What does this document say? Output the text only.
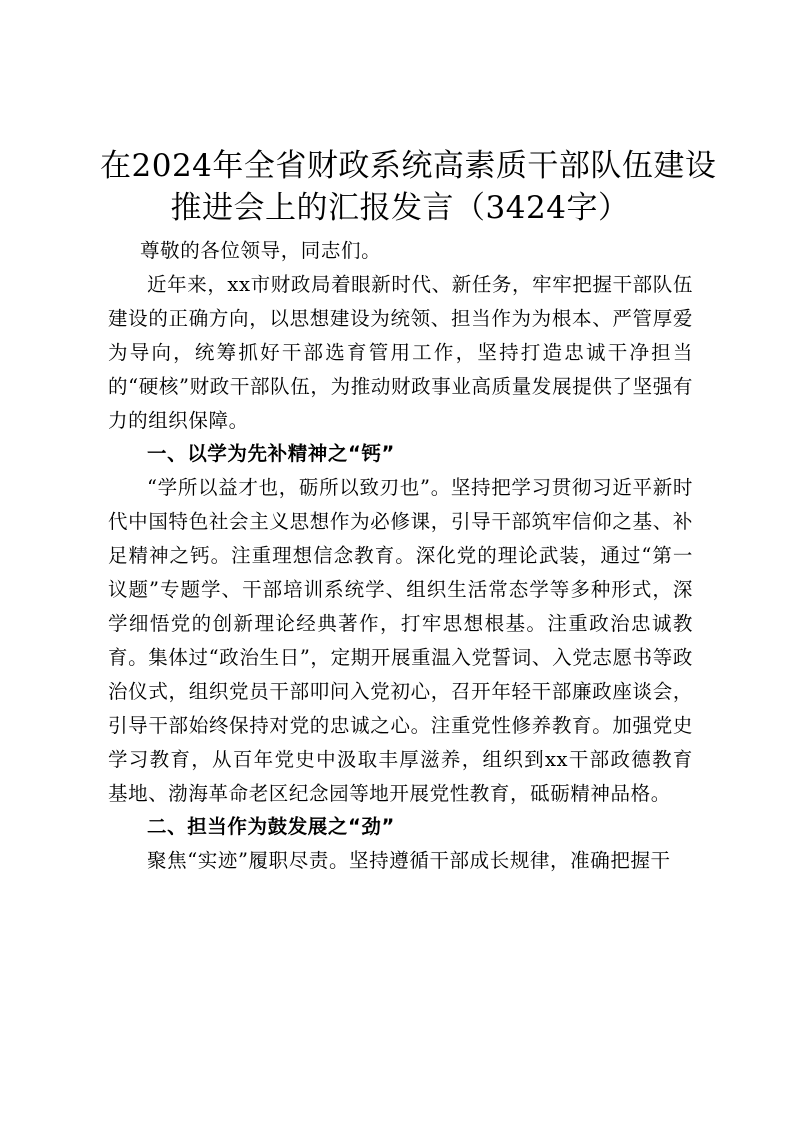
在2024年全省财政系统高素质干部队伍建设
推进会上的汇报发言（3424字）

尊敬的各位领导，同志们。

近年来，xx市财政局着眼新时代、新任务，牢牢把握干部队伍建设的正确方向，以思想建设为统领、担当作为为根本、严管厚爱为导向，统筹抓好干部选育管用工作，坚持打造忠诚干净担当的“硬核”财政干部队伍，为推动财政事业高质量发展提供了坚强有力的组织保障。

一、以学为先补精神之“钙”

“学所以益才也，砺所以致刃也”。坚持把学习贯彻习近平新时代中国特色社会主义思想作为必修课，引导干部筑牢信仰之基、补足精神之钙。注重理想信念教育。深化党的理论武装，通过“第一议题”专题学、干部培训系统学、组织生活常态学等多种形式，深学细悟党的创新理论经典著作，打牢思想根基。注重政治忠诚教育。集体过“政治生日”，定期开展重温入党誓词、入党志愿书等政治仪式，组织党员干部叩问入党初心，召开年轻干部廉政座谈会，引导干部始终保持对党的忠诚之心。注重党性修养教育。加强党史学习教育，从百年党史中汲取丰厚滋养，组织到xx干部政德教育基地、渤海革命老区纪念园等地开展党性教育，砥砺精神品格。

二、担当作为鼓发展之“劲”

聚焦“实迹”履职尽责。坚持遵循干部成长规律，准确把握干
